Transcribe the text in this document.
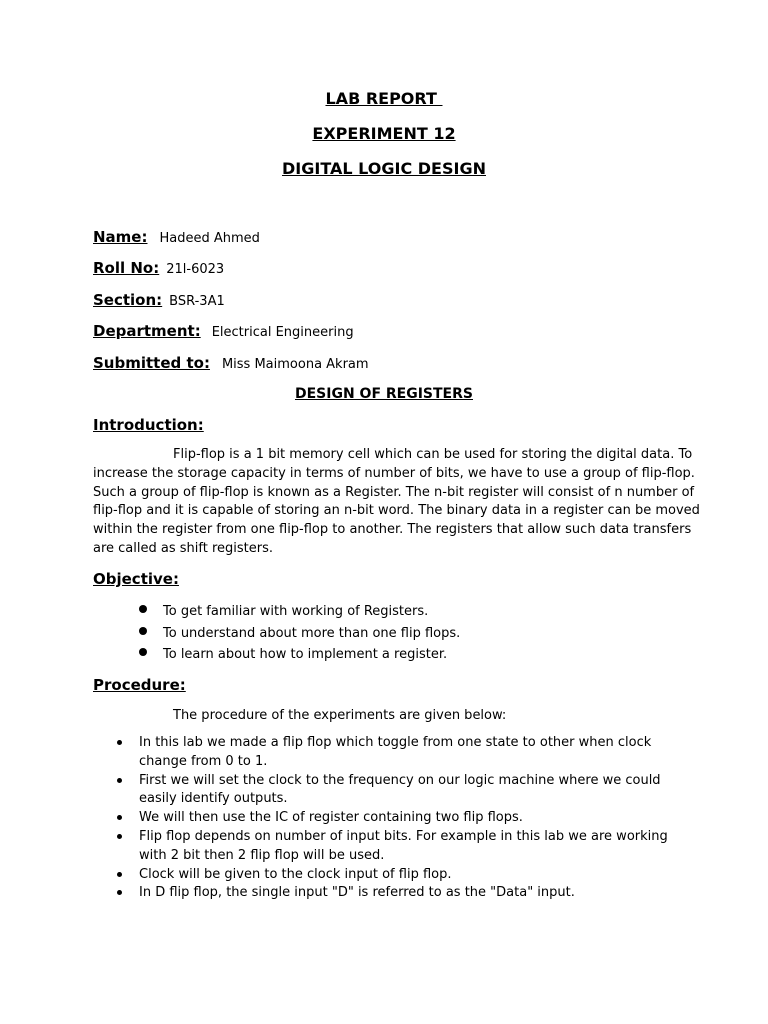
LAB REPORT
EXPERIMENT 12
DIGITAL LOGIC DESIGN
Name: Hadeed Ahmed
Roll No: 21l-6023
Section: BSR-3A1
Department: Electrical Engineering
Submitted to: Miss Maimoona Akram
DESIGN OF REGISTERS
Introduction:
Flip-flop is a 1 bit memory cell which can be used for storing the digital data. To
increase the storage capacity in terms of number of bits, we have to use a group of flip-flop.
Such a group of flip-flop is known as a Register. The n-bit register will consist of n number of
flip-flop and it is capable of storing an n-bit word. The binary data in a register can be moved
within the register from one flip-flop to another. The registers that allow such data transfers
are called as shift registers.
Objective:
To get familiar with working of Registers.
To understand about more than one flip flops.
To learn about how to implement a register.
Procedure:
The procedure of the experiments are given below:
In this lab we made a flip flop which toggle from one state to other when clock
change from 0 to 1.
First we will set the clock to the frequency on our logic machine where we could
easily identify outputs.
We will then use the IC of register containing two flip flops.
Flip flop depends on number of input bits. For example in this lab we are working
with 2 bit then 2 flip flop will be used.
Clock will be given to the clock input of flip flop.
In D flip flop, the single input "D" is referred to as the "Data" input.
